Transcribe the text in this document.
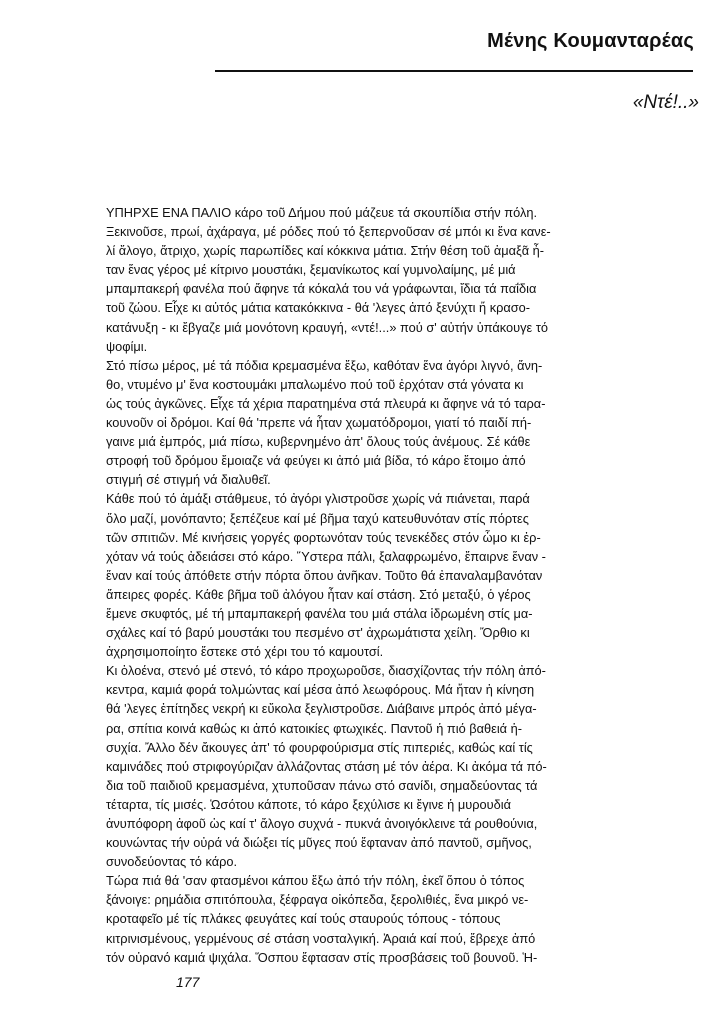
Μένης Κουμανταρέας
«Ντέ!..»
ΥΠΗΡΧΕ ΕΝΑ ΠΑΛΙΟ κάρο τοῦ Δήμου πού μάζευε τά σκουπίδια στήν πόλη.
Ξεκινοῦσε, πρωί, ἀχάραγα, μέ ρόδες πού τό ξεπερνοῦσαν σέ μπόι κι ἕνα κανε-
λί ἄλογο, ἄτριχο, χωρίς παρωπίδες καί κόκκινα μάτια. Στήν θέση τοῦ ἁμαξᾶ ἦ-
ταν ἕνας γέρος μέ κίτρινο μουστάκι, ξεμανίκωτος καί γυμνολαίμης, μέ μιά
μπαμπακερή φανέλα πού ἄφηνε τά κόκαλά του νά γράφωνται, ἴδια τά παΐδια
τοῦ ζώου. Εἶχε κι αὐτός μάτια κατακόκκινα - θά 'λεγες ἀπό ξενύχτι ἤ κρασο-
κατάνυξη - κι ἔβγαζε μιά μονότονη κραυγή, «ντέ!...» πού σ' αὐτήν ὑπάκουγε τό
ψοφίμι.
Στό πίσω μέρος, μέ τά πόδια κρεμασμένα ἔξω, καθόταν ἕνα ἀγόρι λιγνό, ἄνη-
θο, ντυμένο μ' ἕνα κοστουμάκι μπαλωμένο πού τοῦ ἐρχόταν στά γόνατα κι
ὡς τούς ἀγκῶνες. Εἶχε τά χέρια παρατημένα στά πλευρά κι ἄφηνε νά τό ταρα-
κουνοῦν οἱ δρόμοι. Καί θά 'πρεπε νά ἦταν χωματόδρομοι, γιατί τό παιδί πή-
γαινε μιά ἐμπρός, μιά πίσω, κυβερνημένο ἀπ' ὅλους τούς ἀνέμους. Σέ κάθε
στροφή τοῦ δρόμου ἔμοιαζε νά φεύγει κι ἀπό μιά βίδα, τό κάρο ἕτοιμο ἀπό
στιγμή σέ στιγμή νά διαλυθεῖ.
Κάθε πού τό ἁμάξι στάθμευε, τό ἀγόρι γλιστροῦσε χωρίς νά πιάνεται, παρά
ὅλο μαζί, μονόπαντο; ξεπέζευε καί μέ βῆμα ταχύ κατευθυνόταν στίς πόρτες
τῶν σπιτιῶν. Μέ κινήσεις γοργές φορτωνόταν τούς τενεκέδες στόν ὦμο κι ἐρ-
χόταν νά τούς ἀδειάσει στό κάρο. Ὕστερα πάλι, ξαλαφρωμένο, ἔπαιρνε ἕναν -
ἕναν καί τούς ἀπόθετε στήν πόρτα ὅπου ἀνῆκαν. Τοῦτο θά ἐπαναλαμβανόταν
ἄπειρες φορές. Κάθε βῆμα τοῦ ἀλόγου ἦταν καί στάση. Στό μεταξύ, ὁ γέρος
ἔμενε σκυφτός, μέ τή μπαμπακερή φανέλα του μιά στάλα ἱδρωμένη στίς μα-
σχάλες καί τό βαρύ μουστάκι του πεσμένο στ' ἀχρωμάτιστα χείλη. Ὄρθιο κι
ἀχρησιμοποίητο ἔστεκε στό χέρι του τό καμουτσί.
Κι ὁλοένα, στενό μέ στενό, τό κάρο προχωροῦσε, διασχίζοντας τήν πόλη ἀπό-
κεντρα, καμιά φορά τολμώντας καί μέσα ἀπό λεωφόρους. Μά ἤταν ἡ κίνηση
θά 'λεγες ἐπίτηδες νεκρή κι εὔκολα ξεγλιστροῦσε. Διάβαινε μπρός ἀπό μέγα-
ρα, σπίτια κοινά καθώς κι ἀπό κατοικίες φτωχικές. Παντοῦ ἡ πιό βαθειά ἡ-
συχία. Ἄλλο δέν ἄκουγες ἀπ' τό φουρφούρισμα στίς πιπεριές, καθώς καί τίς
καμινάδες πού στριφογύριζαν ἀλλάζοντας στάση μέ τόν ἀέρα. Κι ἀκόμα τά πό-
δια τοῦ παιδιοῦ κρεμασμένα, χτυποῦσαν πάνω στό σανίδι, σημαδεύοντας τά
τέταρτα, τίς μισές. Ὡσότου κάποτε, τό κάρο ξεχύλισε κι ἔγινε ἡ μυρουδιά
ἀνυπόφορη ἀφοῦ ὡς καί τ' ἄλογο συχνά - πυκνά ἀνοιγόκλεινε τά ρουθούνια,
κουνώντας τήν οὐρά νά διώξει τίς μῦγες πού ἔφταναν ἀπό παντοῦ, σμῆνος,
συνοδεύοντας τό κάρο.
Τώρα πιά θά 'σαν φτασμένοι κάπου ἔξω ἀπό τήν πόλη, ἐκεῖ ὅπου ὁ τόπος
ξάνοιγε: ρημάδια σπιτόπουλα, ξέφραγα οἰκόπεδα, ξερολιθιές, ἕνα μικρό νε-
κροταφεῖο μέ τίς πλάκες φευγάτες καί τούς σταυρούς τόπους - τόπους
κιτρινισμένους, γερμένους σέ στάση νοσταλγική. Ἀραιά καί πού, ἔβρεχε ἀπό
τόν οὐρανό καμιά ψιχάλα. Ὅσπου ἔφτασαν στίς προσβάσεις τοῦ βουνοῦ. Ἡ-
177
